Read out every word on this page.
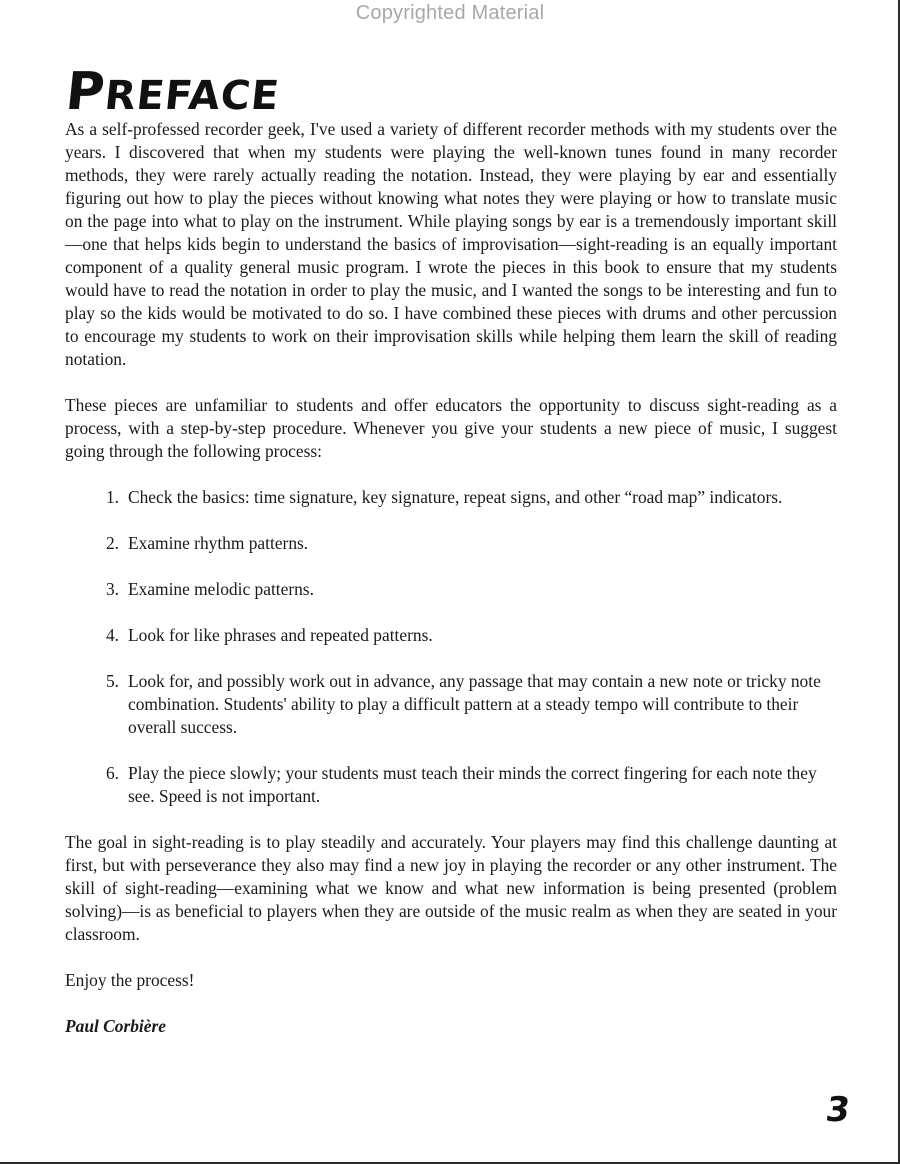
Copyrighted Material
PREFACE

As a self-professed recorder geek, I've used a variety of different recorder methods with my students over the years. I discovered that when my students were playing the well-known tunes found in many recorder methods, they were rarely actually reading the notation. Instead, they were playing by ear and essentially figuring out how to play the pieces without knowing what notes they were playing or how to translate music on the page into what to play on the instrument. While playing songs by ear is a tremendously important skill—one that helps kids begin to understand the basics of improvisation—sight-reading is an equally important component of a quality general music program. I wrote the pieces in this book to ensure that my students would have to read the notation in order to play the music, and I wanted the songs to be interesting and fun to play so the kids would be motivated to do so. I have combined these pieces with drums and other percussion to encourage my students to work on their improvisation skills while helping them learn the skill of reading notation.

These pieces are unfamiliar to students and offer educators the opportunity to discuss sight-reading as a process, with a step-by-step procedure. Whenever you give your students a new piece of music, I suggest going through the following process:

1 . Check the basics: time signature, key signature, repeat signs, and other “road map” indicators.
2 . Examine rhythm patterns.
3 . Examine melodic patterns.
4 . Look for like phrases and repeated patterns.
5 . Look for, and possibly work out in advance, any passage that may contain a new note or tricky note combination. Students' ability to play a difficult pattern at a steady tempo will contribute to their overall success.
6 . Play the piece slowly; your students must teach their minds the correct fingering for each note they see. Speed is not important.

The goal in sight-reading is to play steadily and accurately. Your players may find this challenge daunting at first, but with perseverance they also may find a new joy in playing the recorder or any other instrument. The skill of sight-reading—examining what we know and what new information is being presented (problem solving)—is as beneficial to players when they are outside of the music realm as when they are seated in your classroom.

Enjoy the process!

Paul Corbière

3
